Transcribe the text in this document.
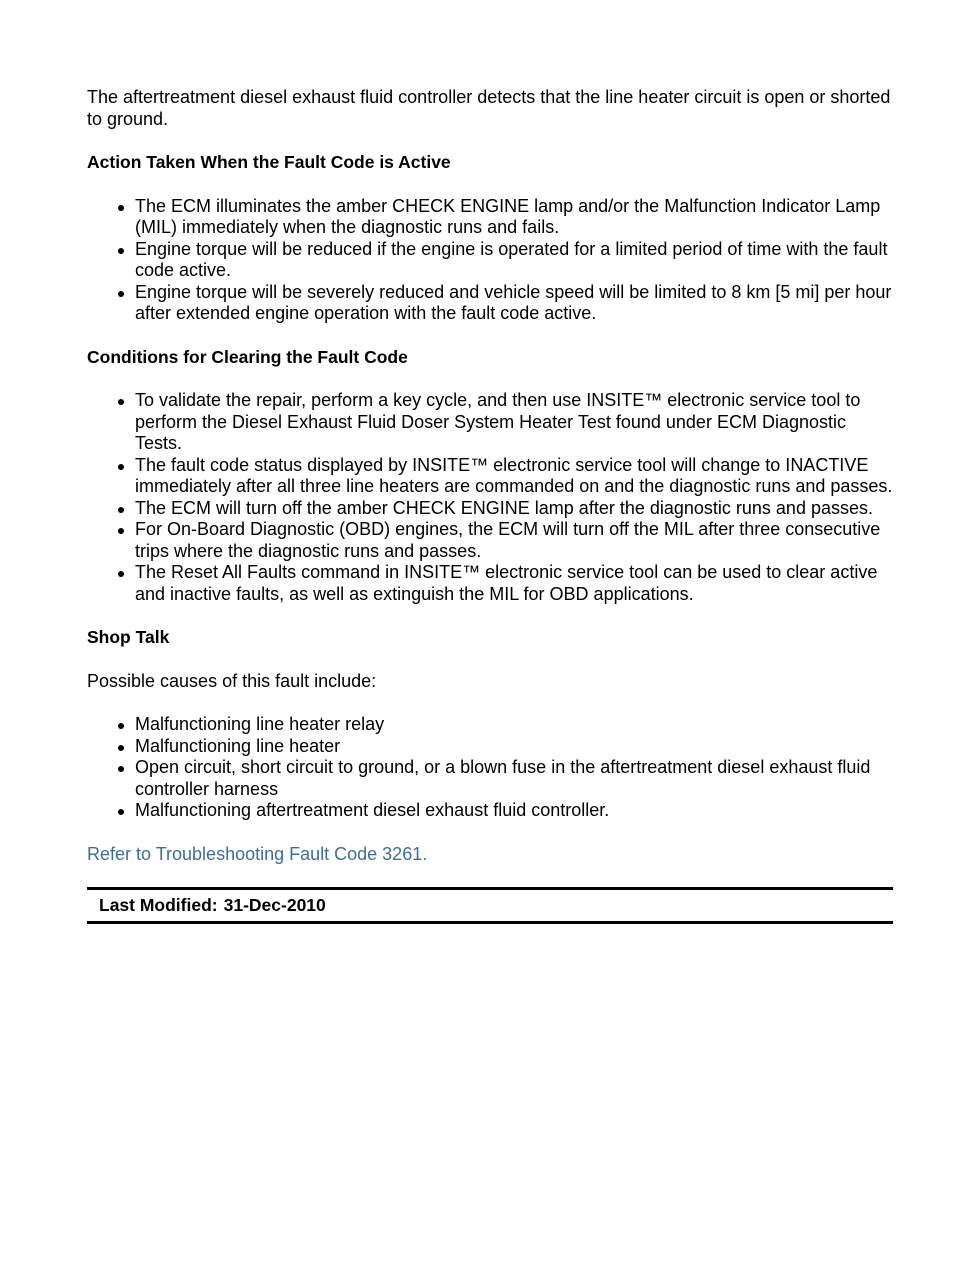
The aftertreatment diesel exhaust fluid controller detects that the line heater circuit is open or shorted to ground.

Action Taken When the Fault Code is Active

The ECM illuminates the amber CHECK ENGINE lamp and/or the Malfunction Indicator Lamp (MIL) immediately when the diagnostic runs and fails.
Engine torque will be reduced if the engine is operated for a limited period of time with the fault code active.
Engine torque will be severely reduced and vehicle speed will be limited to 8 km [5 mi] per hour after extended engine operation with the fault code active.

Conditions for Clearing the Fault Code

To validate the repair, perform a key cycle, and then use INSITE™ electronic service tool to perform the Diesel Exhaust Fluid Doser System Heater Test found under ECM Diagnostic Tests.
The fault code status displayed by INSITE™ electronic service tool will change to INACTIVE immediately after all three line heaters are commanded on and the diagnostic runs and passes.
The ECM will turn off the amber CHECK ENGINE lamp after the diagnostic runs and passes.
For On-Board Diagnostic (OBD) engines, the ECM will turn off the MIL after three consecutive trips where the diagnostic runs and passes.
The Reset All Faults command in INSITE™ electronic service tool can be used to clear active and inactive faults, as well as extinguish the MIL for OBD applications.

Shop Talk

Possible causes of this fault include:

Malfunctioning line heater relay
Malfunctioning line heater
Open circuit, short circuit to ground, or a blown fuse in the aftertreatment diesel exhaust fluid controller harness
Malfunctioning aftertreatment diesel exhaust fluid controller.
Refer to Troubleshooting Fault Code 3261.
Last Modified: 31-Dec-2010
